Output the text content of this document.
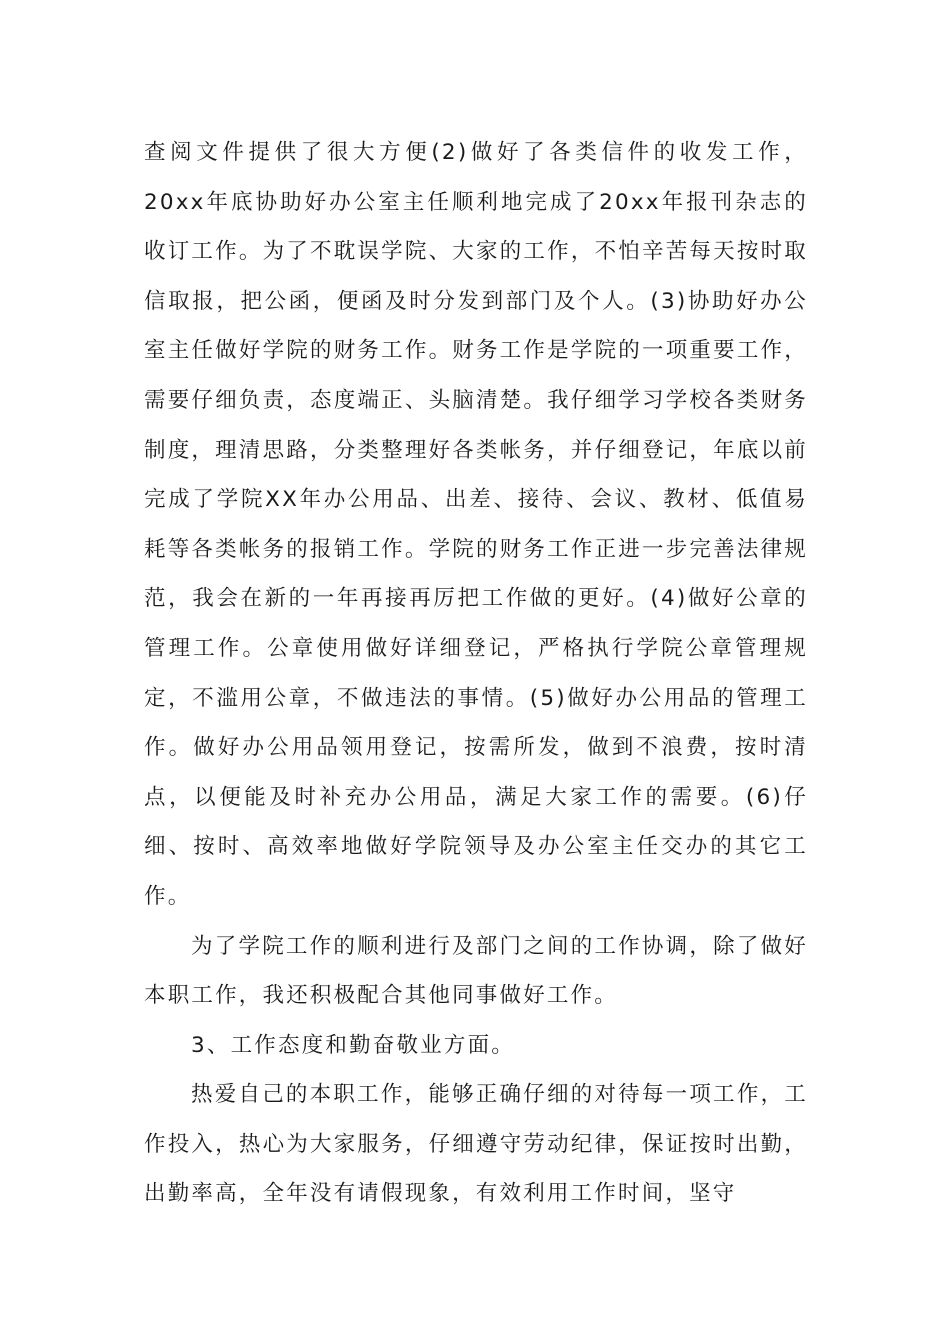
查阅文件提供了很大方便(2)做好了各类信件的收发工作，20xx年底协助好办公室主任顺利地完成了20xx年报刊杂志的收订工作。为了不耽误学院、大家的工作，不怕辛苦每天按时取信取报，把公函，便函及时分发到部门及个人。(3)协助好办公室主任做好学院的财务工作。财务工作是学院的一项重要工作，需要仔细负责，态度端正、头脑清楚。我仔细学习学校各类财务制度，理清思路，分类整理好各类帐务，并仔细登记，年底以前完成了学院XX年办公用品、出差、接待、会议、教材、低值易耗等各类帐务的报销工作。学院的财务工作正进一步完善法律规范，我会在新的一年再接再厉把工作做的更好。(4)做好公章的管理工作。公章使用做好详细登记，严格执行学院公章管理规定，不滥用公章，不做违法的事情。(5)做好办公用品的管理工作。做好办公用品领用登记，按需所发，做到不浪费，按时清点，以便能及时补充办公用品，满足大家工作的需要。(6)仔细、按时、高效率地做好学院领导及办公室主任交办的其它工作。

为了学院工作的顺利进行及部门之间的工作协调，除了做好本职工作，我还积极配合其他同事做好工作。

3、工作态度和勤奋敬业方面。

热爱自己的本职工作，能够正确仔细的对待每一项工作，工作投入，热心为大家服务，仔细遵守劳动纪律，保证按时出勤，出勤率高，全年没有请假现象，有效利用工作时间，坚守
